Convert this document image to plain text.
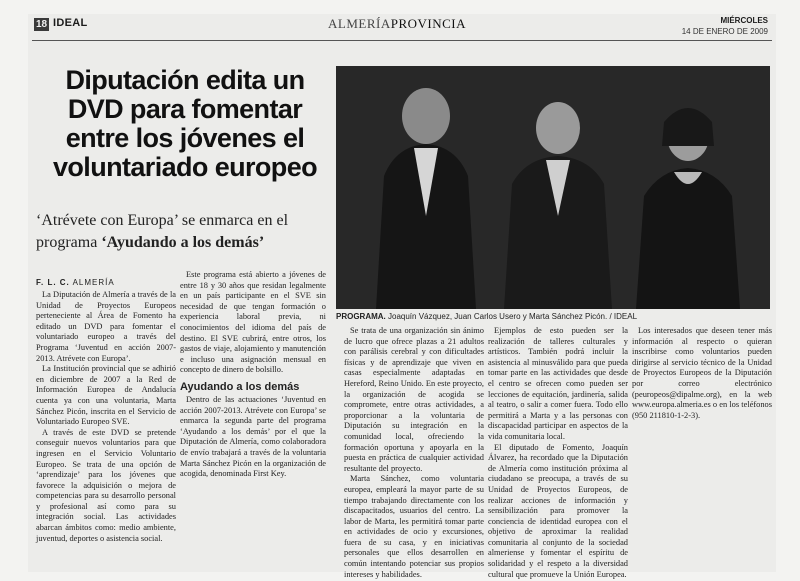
18 IDEAL	ALMERÍAPROVINCIA	MIÉRCOLES
14 DE ENERO DE 2009
Diputación edita un DVD para fomentar entre los jóvenes el voluntariado europeo
‘Atrévete con Europa’ se enmarca en el programa ‘Ayudando a los demás’
F. L. C. ALMERÍA
PROGRAMA. Joaquín Vázquez, Juan Carlos Usero y Marta Sánchez Picón. / IDEAL

La Diputación de Almería a través de la Unidad de Proyectos Europeos perteneciente al Área de Fomento ha editado un DVD para fomentar el voluntariado europeo a través del Programa ‘Juventud en acción 2007-2013. Atrévete con Europa’.

La Institución provincial que se adhirió en diciembre de 2007 a la Red de Información Europea de Andalucía cuenta ya con una voluntaria, Marta Sánchez Picón, inscrita en el Servicio de Voluntariado Europeo SVE.

A través de este DVD se pretende conseguir nuevos voluntarios para que ingresen en el Servicio Voluntario Europeo. Se trata de una opción de ‘aprendizaje’ para los jóvenes que favorece la adquisición o mejora de competencias para su desarrollo personal y profesional así como para su integración social. Las actividades abarcan ámbitos como: medio ambiente, juventud, deportes o asistencia social.

Este programa está abierto a jóvenes de entre 18 y 30 años que residan legalmente en un país participante en el SVE sin necesidad de que tengan formación o experiencia laboral previa, ni conocimientos del idioma del país de destino. El SVE cubrirá, entre otros, los gastos de viaje, alojamiento y manutención e incluso una asignación mensual en concepto de dinero de bolsillo.

Ayudando a los demás

Dentro de las actuaciones ‘Juventud en acción 2007-2013. Atrévete con Europa’ se enmarca la segunda parte del programa ‘Ayudando a los demás’ por el que la Diputación de Almería, como colaboradora de envío trabajará a través de la voluntaria Marta Sánchez Picón en la organización de acogida, denominada First Key.

Se trata de una organización sin ánimo de lucro que ofrece plazas a 21 adultos con parálisis cerebral y con dificultades físicas y de aprendizaje que viven en casas especialmente adaptadas en Hereford, Reino Unido. En este proyecto, la organización de acogida se compromete, entre otras actividades, a proporcionar a la voluntaria de Diputación su integración en la comunidad local, ofreciendo la formación oportuna y apoyarla en la puesta en práctica de cualquier actividad resultante del proyecto.

Marta Sánchez, como voluntaria europea, empleará la mayor parte de su tiempo trabajando directamente con los discapacitados, usuarios del centro. La labor de Marta, les permitirá tomar parte en actividades de ocio y excursiones, fuera de su casa, y en iniciativas personales que ellos desarrollen en común intentando potenciar sus propios intereses y habilidades.

Ejemplos de esto pueden ser la realización de talleres culturales y artísticos. También podrá incluir la asistencia al minusválido para que pueda tomar parte en las actividades que desde el centro se ofrecen como pueden ser lecciones de equitación, jardinería, salida al teatro, o salir a comer fuera. Todo ello permitirá a Marta y a las personas con discapacidad participar en aspectos de la vida comunitaria local.

El diputado de Fomento, Joaquín Álvarez, ha recordado que la Diputación de Almería como institución próxima al ciudadano se preocupa, a través de su Unidad de Proyectos Europeos, de realizar acciones de información y sensibilización para promover la conciencia de identidad europea con el objetivo de aproximar la realidad comunitaria al conjunto de la sociedad almeriense y fomentar el espíritu de solidaridad y el respeto a la diversidad cultural que promueve la Unión Europea.

Los interesados que deseen tener más información al respecto o quieran inscribirse como voluntarios pueden dirigirse al servicio técnico de la Unidad de Proyectos Europeos de la Diputación por correo electrónico (peuropeos@dipalme.org), en la web www.europa.almeria.es o en los teléfonos (950 211810-1-2-3).
